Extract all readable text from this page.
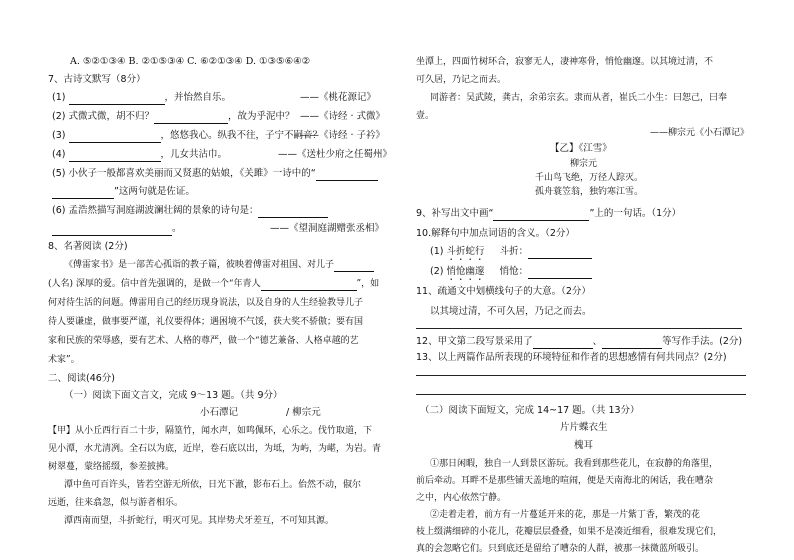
A. ⑤②①③④ B. ②①⑤③④ C. ⑥②①③④ D. ①③⑤⑥④②
7、古诗文默写（8分）
(1)	，并怡然自乐。	——《桃花源记》
(2) 式微式微，胡不归？	，故为乎泥中？ ——《诗经 · 式微》
(3)	，悠悠我心。纵我不往，子宁不嗣音？
——《诗经 · 子衿》
(4)	，儿女共沾巾。	——《送杜少府之任蜀州》
(5) 小伙子一般都喜欢美丽而又贤惠的姑娘，《关雎》一诗中的“
”这两句就是佐证。
(6) 孟浩然描写洞庭湖波澜壮阔的景象的诗句是：
。	——《望洞庭湖赠张丞相》
8、名著阅读 (2分)
《傅雷家书》是一部苦心孤诣的教子篇，彼映着傅雷对祖国、对儿子
(人名) 深厚的爱。信中首先强调的，是做一个“年青人	”，如
何对待生活的问题。傅雷用自己的经历现身说法，以及自身的人生经验教导儿子
待人要谦虚，做事要严谨，礼仪要得体；遇困境不气馁，获大奖不骄傲；要有国
家和民族的荣辱感，要有艺术、人格的尊严，做一个“德艺兼备、人格卓越的艺
术家”。
二、阅读(46分)
（一）阅读下面文言文，完成 9～13 题。（共 9分）
小石潭记	/ 柳宗元
【甲】从小丘西行百二十步，隔篁竹，闻水声，如鸣佩环，心乐之。伐竹取道，下
见小潭，水尤清冽。全石以为底，近岸，卷石底以出，为坻，为屿，为嵁，为岩。青
树翠蔓，蒙络摇缀，参差披拂。
潭中鱼可百许头，皆若空游无所依，日光下澈，影布石上。佁然不动，俶尔
远逝，往来翕忽，似与游者相乐。
潭西南而望，斗折蛇行，明灭可见。其岸势犬牙差互，不可知其源。
坐潭上，四面竹树环合，寂寥无人，凄神寒骨，悄怆幽邃。以其境过清，不
可久居，乃记之而去。
同游者：吴武陵，龚古，余弟宗玄。隶而从者，崔氏二小生：曰恕己，曰奉
壹。
——柳宗元《小石潭记》
【乙】《江雪》
柳宗元
千山鸟飞绝，万径人踪灭。
孤舟蓑笠翁，独钓寒江雪。
9、补写出文中画“	”上的一句话。（1分）
10.解释句中加点词语的含义。（2分）
(1) 斗折蛇行 斗折：
(2) 悄怆幽邃 悄怆：
11、疏通文中划横线句子的大意。（2分）
以其境过清，不可久居，乃记之而去。
12、甲文第二段写景采用了	、	等写作手法。(2分)
13、以上两篇作品所表现的环境特征和作者的思想感情有何共同点？(2分)
（二）阅读下面短文，完成 14~17 题。（共 13分）
片片蝶衣生
槐耳
①那日闲暇，独自一人到景区游玩。我看到那些花儿，在寂静的角落里，
前后牵动。耳畔不是那些铺天盖地的喧闹，便是天南海北的闲话，我在嘈杂
之中，内心依然宁静。
②走着走着，前方有一片蔓延开来的花，那是一片紫丁香，繁茂的花
枝上缀满细碎的小花儿，花瓣层层叠叠，如果不是凑近细看，很难发现它们，
真的会忽略它们。只到底还是留给了嘈杂的人群，被那一抹微蓝所吸引。
